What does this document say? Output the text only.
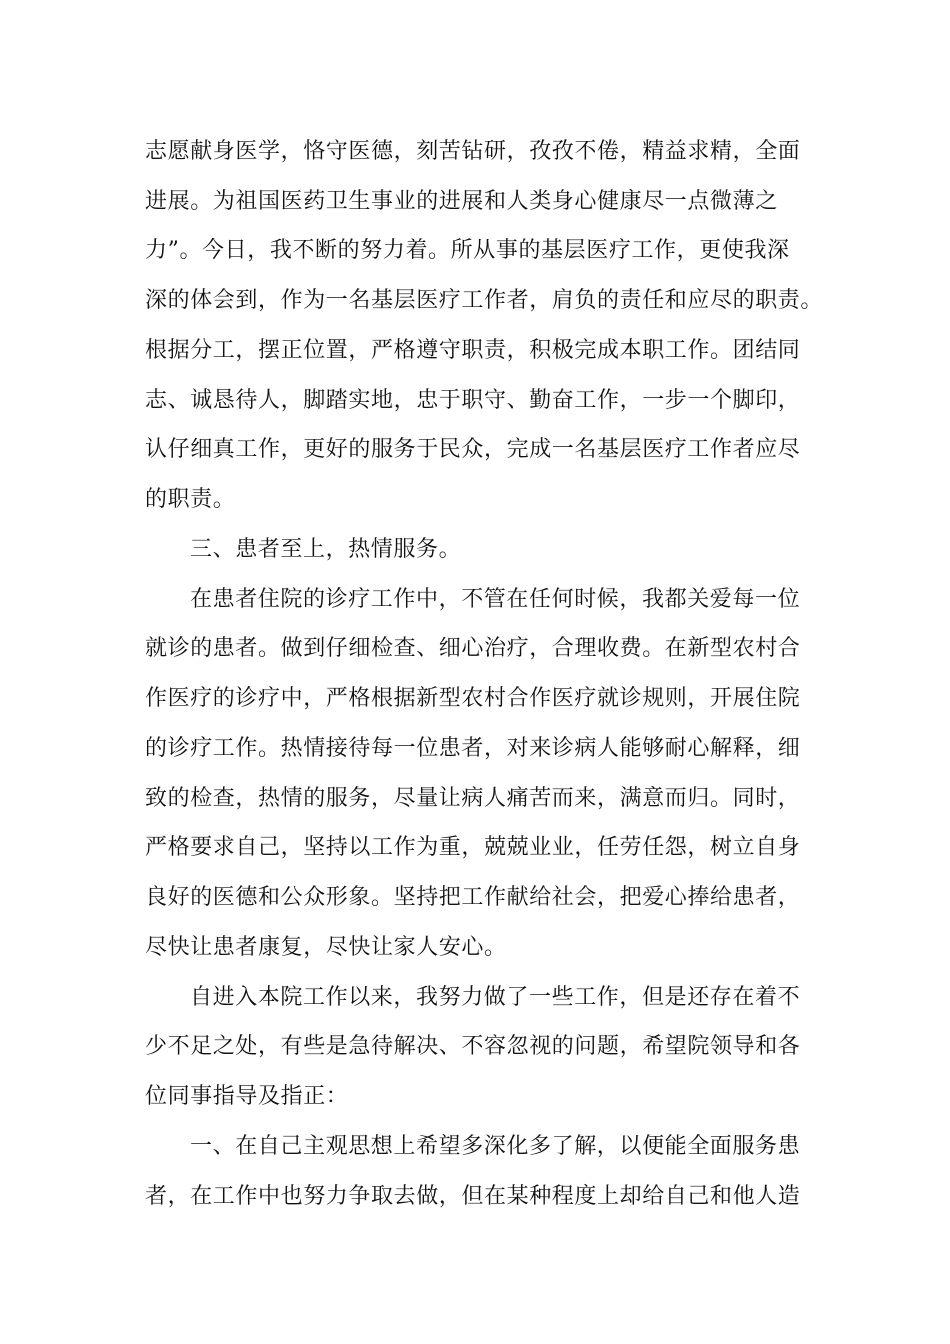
志愿献身医学，恪守医德，刻苦钻研，孜孜不倦，精益求精，全面
进展。为祖国医药卫生事业的进展和人类身心健康尽一点微薄之
力”。今日，我不断的努力着。所从事的基层医疗工作，更使我深
深的体会到，作为一名基层医疗工作者，肩负的责任和应尽的职责。
根据分工，摆正位置，严格遵守职责，积极完成本职工作。团结同
志、诚恳待人，脚踏实地，忠于职守、勤奋工作，一步一个脚印，
认仔细真工作，更好的服务于民众，完成一名基层医疗工作者应尽
的职责。
三、患者至上，热情服务。
在患者住院的诊疗工作中，不管在任何时候，我都关爱每一位
就诊的患者。做到仔细检查、细心治疗，合理收费。在新型农村合
作医疗的诊疗中，严格根据新型农村合作医疗就诊规则，开展住院
的诊疗工作。热情接待每一位患者，对来诊病人能够耐心解释，细
致的检查，热情的服务，尽量让病人痛苦而来，满意而归。同时，
严格要求自己，坚持以工作为重，兢兢业业，任劳任怨，树立自身
良好的医德和公众形象。坚持把工作献给社会，把爱心捧给患者，
尽快让患者康复，尽快让家人安心。
自进入本院工作以来，我努力做了一些工作，但是还存在着不
少不足之处，有些是急待解决、不容忽视的问题，希望院领导和各
位同事指导及指正：
一、在自己主观思想上希望多深化多了解，以便能全面服务患
者，在工作中也努力争取去做，但在某种程度上却给自己和他人造
